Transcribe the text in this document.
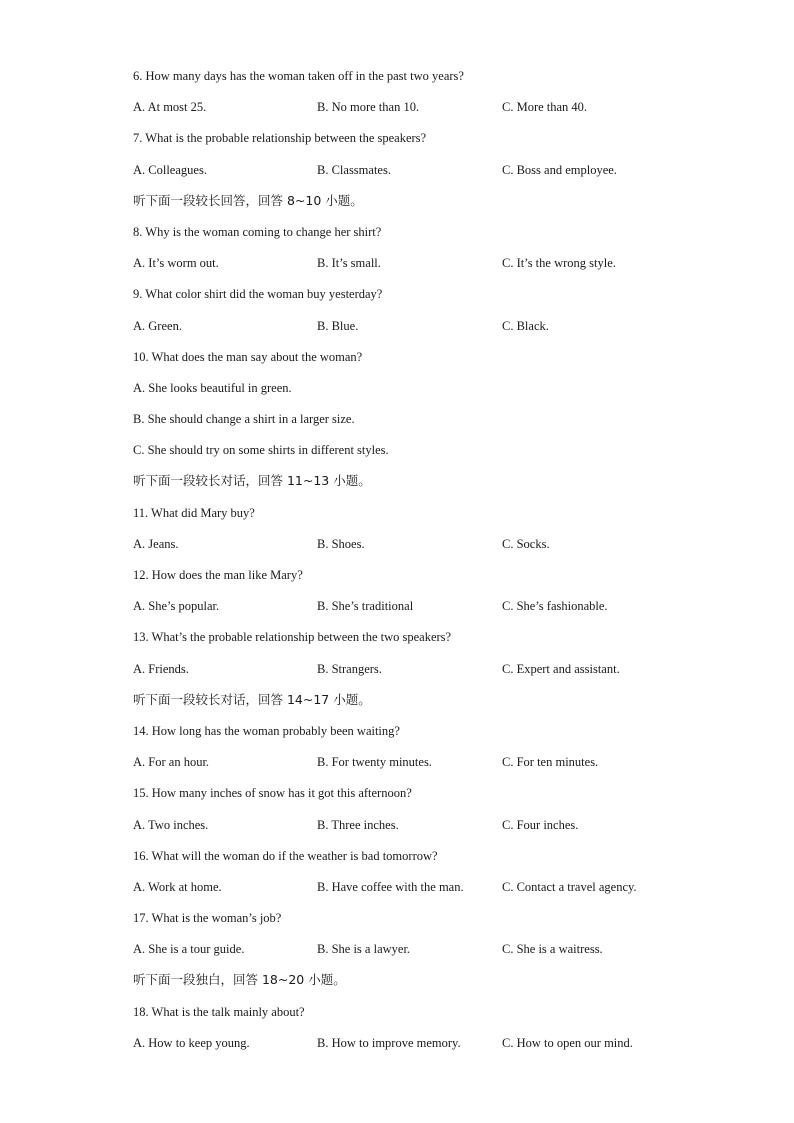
6. How many days has the woman taken off in the past two years?
A. At most 25.	B. No more than 10.	C. More than 40.
7. What is the probable relationship between the speakers?
A. Colleagues.	B. Classmates.	C. Boss and employee.
听下面一段较长回答，回答 8~10 小题。
8. Why is the woman coming to change her shirt?
A. It’s worm out.	B. It’s small.	C. It’s the wrong style.
9. What color shirt did the woman buy yesterday?
A. Green.	B. Blue.	C. Black.
10. What does the man say about the woman?
A. She looks beautiful in green.
B. She should change a shirt in a larger size.
C. She should try on some shirts in different styles.
听下面一段较长对话，回答 11~13 小题。
11. What did Mary buy?
A. Jeans.	B. Shoes.	C. Socks.
12. How does the man like Mary?
A. She’s popular.	B. She’s traditional	C. She’s fashionable.
13. What’s the probable relationship between the two speakers?
A. Friends.	B. Strangers.	C. Expert and assistant.
听下面一段较长对话，回答 14~17 小题。
14. How long has the woman probably been waiting?
A. For an hour.	B. For twenty minutes.	C. For ten minutes.
15. How many inches of snow has it got this afternoon?
A. Two inches.	B. Three inches.	C. Four inches.
16. What will the woman do if the weather is bad tomorrow?
A. Work at home.	B. Have coffee with the man.	C. Contact a travel agency.
17. What is the woman’s job?
A. She is a tour guide.	B. She is a lawyer.	C. She is a waitress.
听下面一段独白，回答 18~20 小题。
18. What is the talk mainly about?
A. How to keep young.	B. How to improve memory.	C. How to open our mind.
